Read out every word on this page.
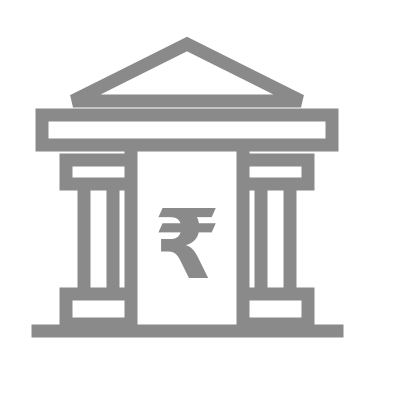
₹
